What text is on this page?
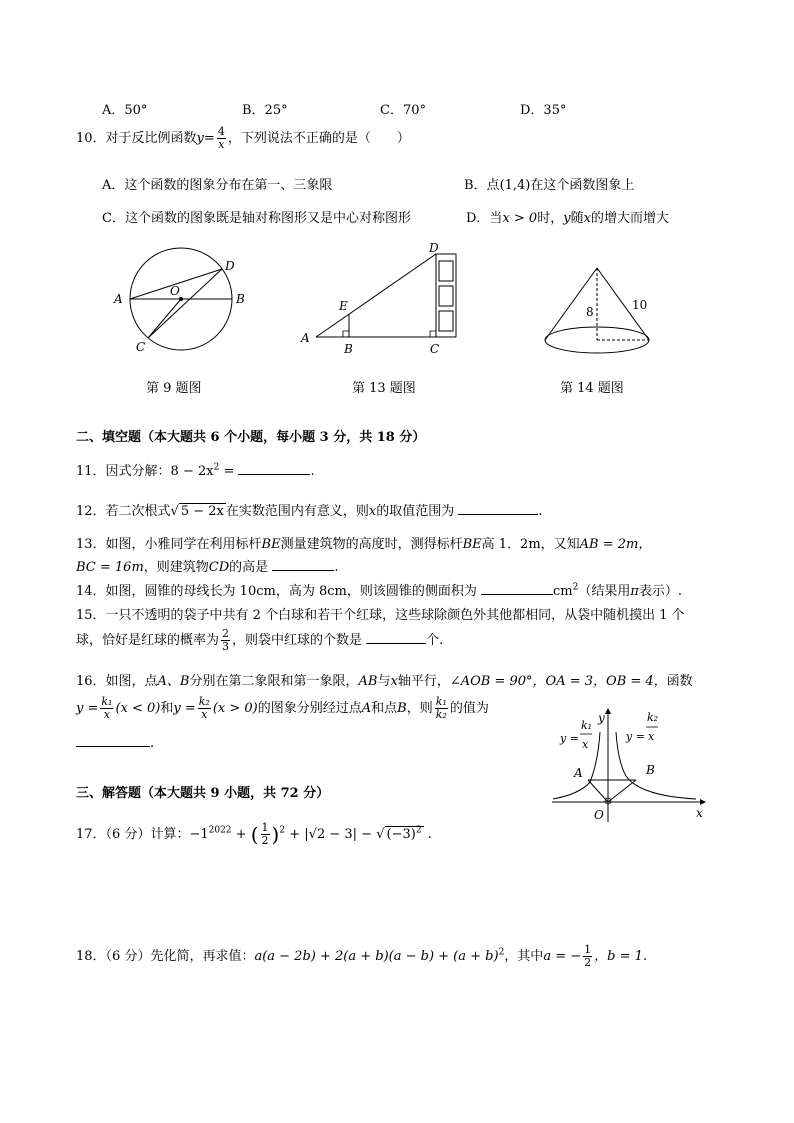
A．50°	B．25°	C．70°	D．35°
10．对于反比例函数$y= \frac{4}{x}$ ，下列说法不正确的是（　　）
A．这个函数的图象分布在第一、三象限	B．点(1,4)在这个函数图象上
C．这个函数的图象既是轴对称图形又是中心对称图形	D．当x > 0时，y随x的增大而增大
A	B
C
D
O
第 9 题图
A
B	C
D
E
第 13 题图
8	10
第 14 题图
二、填空题（本大题共 6 个小题，每小题 3 分，共 18 分）
11．因式分解：$8 - 2x^2$ =	.
12．若二次根式√ 5 − 2x 在实数范围内有意义，则x的取值范围为	.
13．如图，小雅同学在利用标杆BE测量建筑物的高度时，测得标杆BE高 1．2m，又知AB = 2m，
BC = 16m，则建筑物CD的高是	.
14．如图，圆锥的母线长为 10cm，高为 8cm，则该圆锥的侧面积为	$cm^2$（结果用π表示）.
15．一只不透明的袋子中共有 2 个白球和若干个红球，这些球除颜色外其他都相同，从袋中随机摸出 1 个
球，恰好是红球的概率为 $\frac{2}{3}$ ，则袋中红球的个数是	个.
16．如图，点A、B分别在第二象限和第一象限，AB与x轴平行，∠AOB = 90°，OA = 3，OB = 4，函数
$y = \frac{\text{k₁}}{x} (x < 0)$和$y = \frac{\text{k₂}}{x} (x > 0)$的图象分别经过点A和点B，则 $\frac{\text{k₁}}{\text{k₂}}$ 的值为
.
y
x
O
A	B
y =
k₁
x
y =
k₂
x
三、解答题（本大题共 9 小题，共 72 分）
17．（6 分）计算：$-1^{2022}$ + ( $\frac{1}{2} )^2 + |√2 - 3|$ − √ $(-3)^2$ .
18．（6 分）先化简，再求值：$a(a - 2b) + 2(a + b)(a - b) + (a + b)^2$，其中a = − $\frac{1}{2}$ ，b = 1.
